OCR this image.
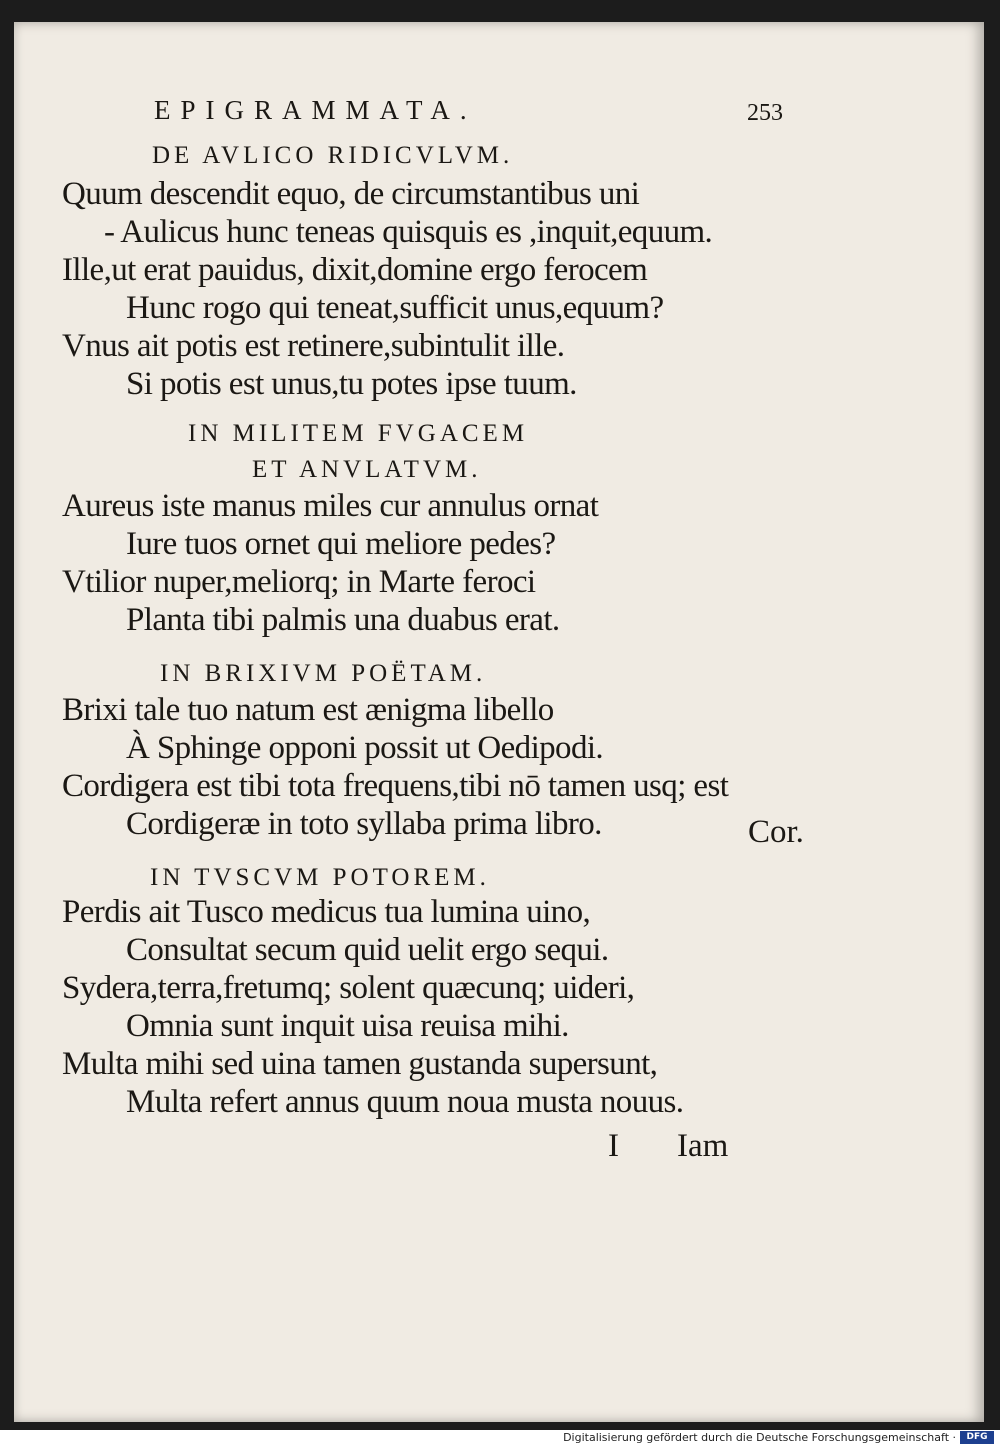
EPIGRAMMATA.	253
DE AVLICO RIDICVLVM.
Quum descendit equo, de circumstantibus uni
- Aulicus hunc teneas quisquis es ,inquit,equum.
Ille,ut erat pauidus, dixit,domine ergo ferocem
Hunc rogo qui teneat,sufficit unus,equum?
Vnus ait potis est retinere,subintulit ille.
Si potis est unus,tu potes ipse tuum.
IN MILITEM FVGACEM
ET ANVLATVM.
Aureus iste manus miles cur annulus ornat
Iure tuos ornet qui meliore pedes?
Vtilior nuper,meliorq; in Marte feroci
Planta tibi palmis una duabus erat.
IN BRIXIVM POËTAM.
Brixi tale tuo natum est ænigma libello
À Sphinge opponi possit ut Oedipodi.
Cordigera est tibi tota frequens,tibi nō tamen usq; est
Cordigeræ in toto syllaba prima libro.	Cor.
IN TVSCVM POTOREM.
Perdis ait Tusco medicus tua lumina uino,
Consultat secum quid uelit ergo sequi.
Sydera,terra,fretumq; solent quæcunq; uideri,
Omnia sunt inquit uisa reuisa mihi.
Multa mihi sed uina tamen gustanda supersunt,
Multa refert annus quum noua musta nouus.
I Iam
Digitalisierung gefördert durch die Deutsche Forschungsgemeinschaft ·	DFG
